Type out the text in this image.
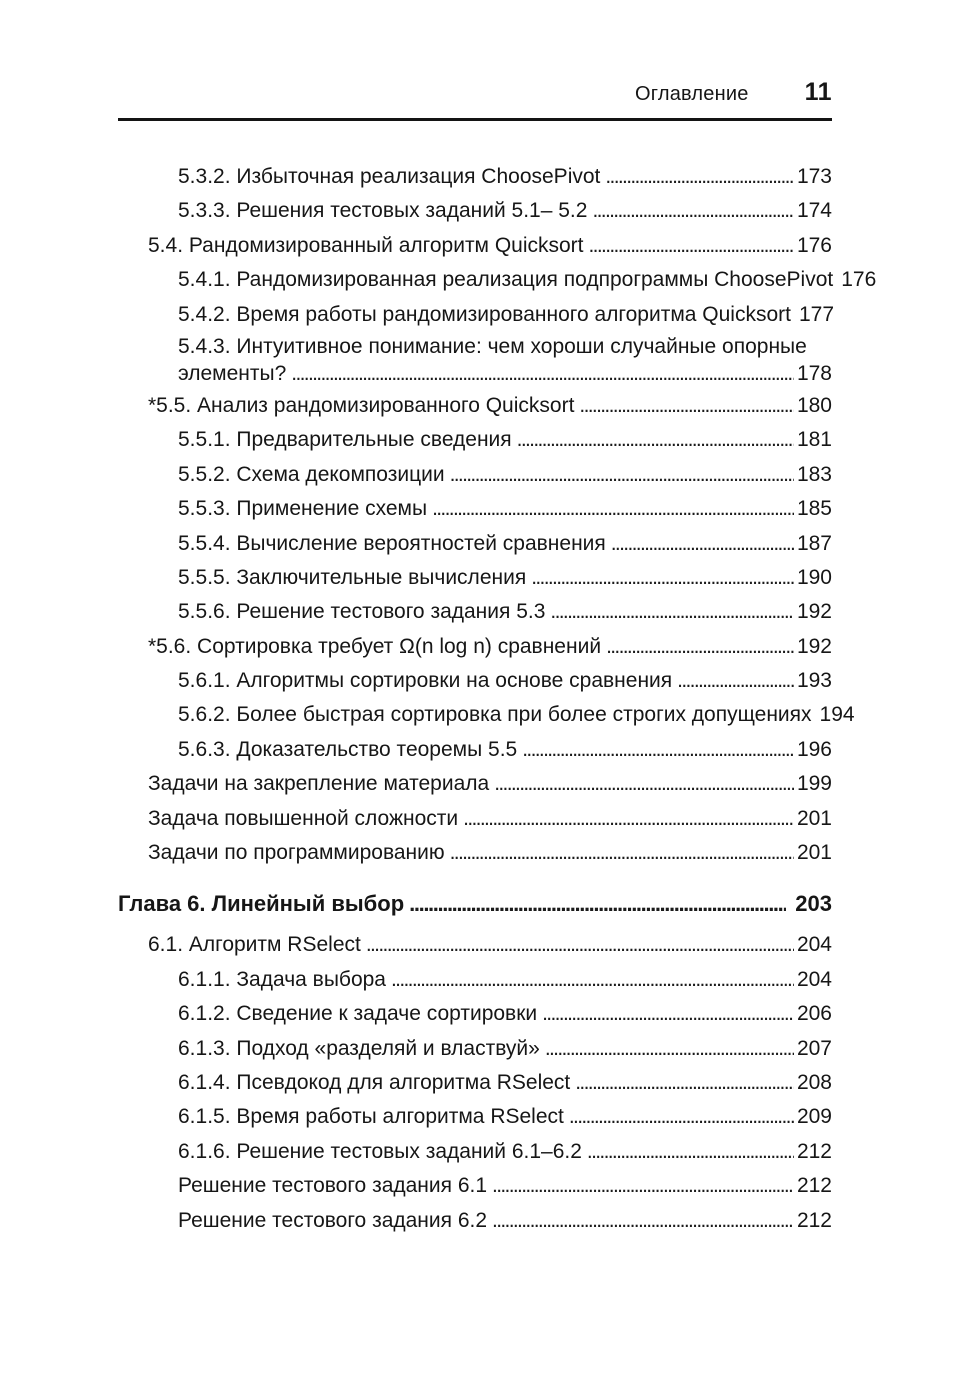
Оглавление 11
5.3.2. Избыточная реализация ChoosePivot . . .	173
5.3.3. Решения тестовых заданий 5.1– 5.2 . . .	174
5.4. Рандомизированный алгоритм Quicksort . . .	176
5.4.1. Рандомизированная реализация подпрограммы ChoosePivot 176
5.4.2. Время работы рандомизированного алгоритма Quicksort 177
5.4.3. Интуитивное понимание: чем хороши случайные опорные
элементы? . . .	178
*5.5. Анализ рандомизированного Quicksort . . .	180
5.5.1. Предварительные сведения . . .	181
5.5.2. Схема декомпозиции . . .	183
5.5.3. Применение схемы . . .	185
5.5.4. Вычисление вероятностей сравнения . . .	187
5.5.5. Заключительные вычисления . . .	190
5.5.6. Решение тестового задания 5.3 . . .	192
*5.6. Сортировка требует Ω(n log n) сравнений . . .	192
5.6.1. Алгоритмы сортировки на основе сравнения . . .	193
5.6.2. Более быстрая сортировка при более строгих допущениях 194
5.6.3. Доказательство теоремы 5.5 . . .	196
Задачи на закрепление материала . . .	199
Задача повышенной сложности . . .	201
Задачи по программированию . . .	201
Глава 6. Линейный выбор . . .	203
6.1. Алгоритм RSelect . . .	204
6.1.1. Задача выбора . . .	204
6.1.2. Сведение к задаче сортировки . . .	206
6.1.3. Подход «разделяй и властвуй» . . .	207
6.1.4. Псевдокод для алгоритма RSelect . . .	208
6.1.5. Время работы алгоритма RSelect . . .	209
6.1.6. Решение тестовых заданий 6.1–6.2 . . .	212
Решение тестового задания 6.1 . . .	212
Решение тестового задания 6.2 . . .	212
